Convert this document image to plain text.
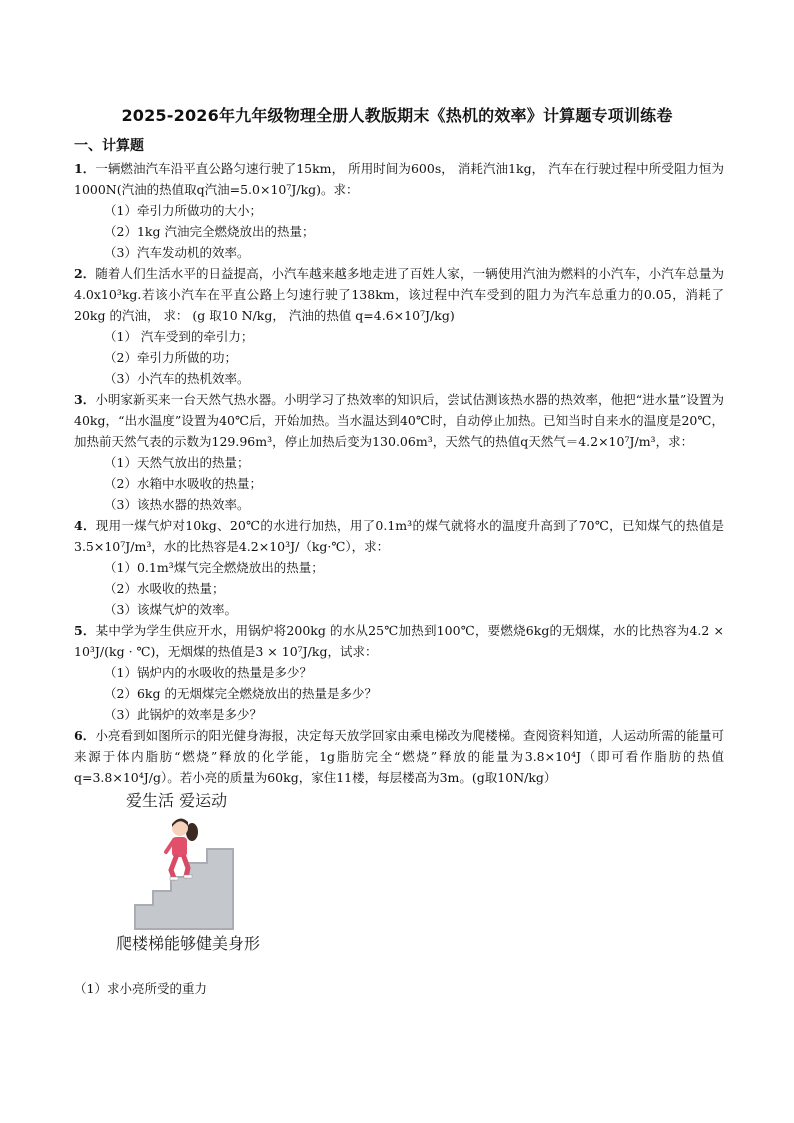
2025-2026年九年级物理全册人教版期末《热机的效率》计算题专项训练卷
一、计算题

1．一辆燃油汽车沿平直公路匀速行驶了15km， 所用时间为600s， 消耗汽油1kg， 汽车在行驶过程中所受阻力恒为1000N(汽油的热值取q汽油=5.0×10⁷J/kg)。求：

（1）牵引力所做功的大小；

（2）1kg 汽油完全燃烧放出的热量；

（3）汽车发动机的效率。

2．随着人们生活水平的日益提高，小汽车越来越多地走进了百姓人家，一辆使用汽油为燃料的小汽车，小汽车总量为 4.0x10³kg.若该小汽车在平直公路上匀速行驶了138km，该过程中汽车受到的阻力为汽车总重力的0.05，消耗了 20kg 的汽油， 求： (g 取10 N/kg， 汽油的热值 q=4.6×10⁷J/kg)

（1） 汽车受到的牵引力；

（2）牵引力所做的功；

（3）小汽车的热机效率。

3．小明家新买来一台天然气热水器。小明学习了热效率的知识后，尝试估测该热水器的热效率，他把“进水量”设置为40kg，“出水温度”设置为40℃后，开始加热。当水温达到40℃时，自动停止加热。已知当时自来水的温度是20℃，加热前天然气表的示数为129.96m³，停止加热后变为130.06m³，天然气的热值q天然气＝4.2×10⁷J/m³，求：

（1）天然气放出的热量；

（2）水箱中水吸收的热量；

（3）该热水器的热效率。

4．现用一煤气炉对10kg、20℃的水进行加热，用了0.1m³的煤气就将水的温度升高到了70℃，已知煤气的热值是3.5×10⁷J/m³，水的比热容是4.2×10³J/（kg·℃），求：

（1）0.1m³煤气完全燃烧放出的热量；

（2）水吸收的热量；

（3）该煤气炉的效率。

5．某中学为学生供应开水，用锅炉将200kg 的水从25℃加热到100℃，要燃烧6kg的无烟煤，水的比热容为4.2 × 10³J/(kg · ℃)，无烟煤的热值是3 × 10⁷J/kg，试求：

（1）锅炉内的水吸收的热量是多少？

（2）6kg 的无烟煤完全燃烧放出的热量是多少？

（3）此锅炉的效率是多少？

6．小亮看到如图所示的阳光健身海报，决定每天放学回家由乘电梯改为爬楼梯。查阅资料知道，人运动所需的能量可来源于体内脂肪“燃烧”释放的化学能，1g脂肪完全“燃烧”释放的能量为3.8×10⁴J（即可看作脂肪的热值q=3.8×10⁴J/g）。若小亮的质量为60kg，家住11楼，每层楼高为3m。(g取10N/kg）

爱生活 爱运动
爬楼梯能够健美身形

（1）求小亮所受的重力
